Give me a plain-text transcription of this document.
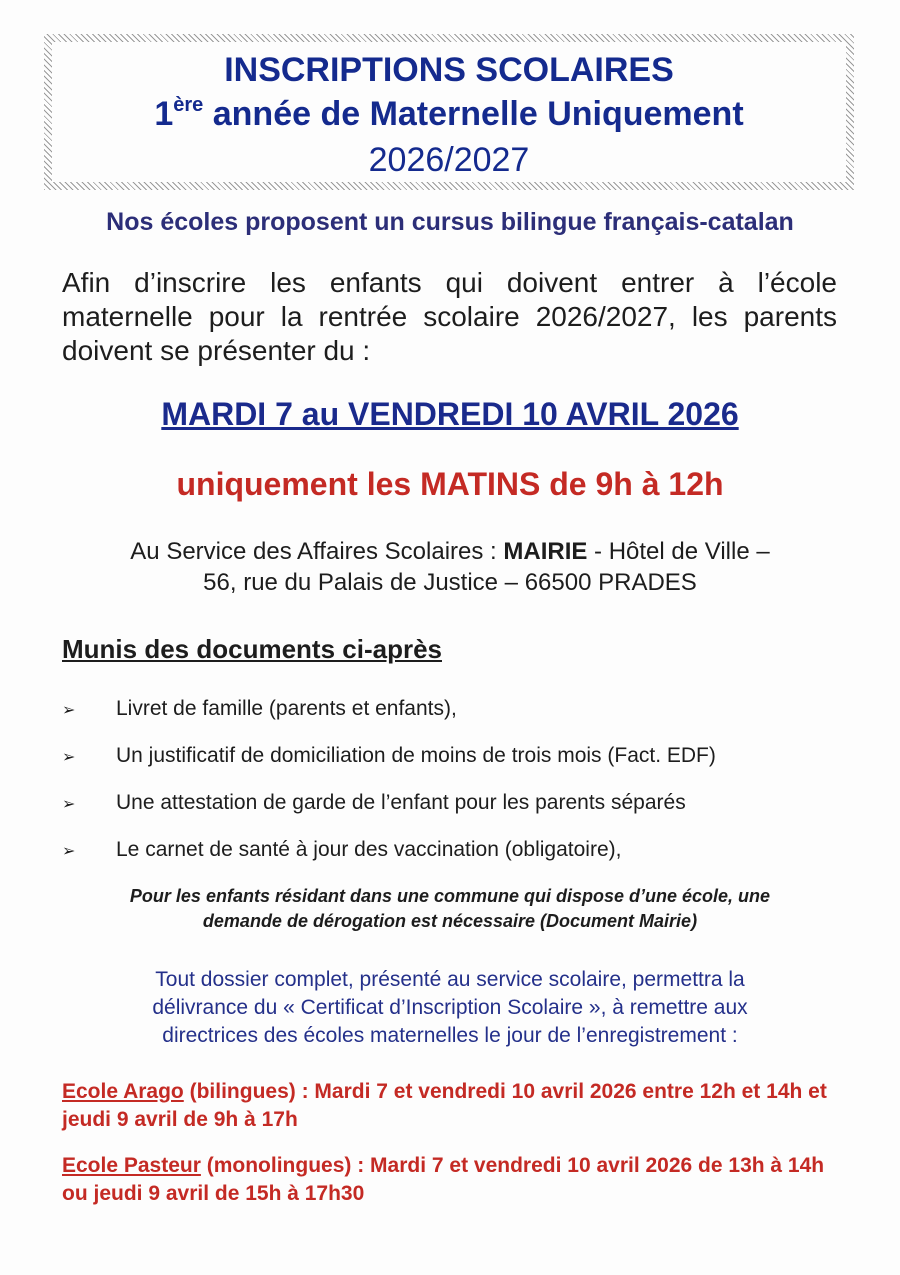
INSCRIPTIONS SCOLAIRES
1ère année de Maternelle Uniquement
2026/2027
Nos écoles proposent un cursus bilingue français-catalan
Afin d’inscrire les enfants qui doivent entrer à l’école maternelle pour la rentrée scolaire 2026/2027, les parents doivent se présenter du :
MARDI 7 au VENDREDI 10 AVRIL 2026
uniquement les MATINS de 9h à 12h
Au Service des Affaires Scolaires : MAIRIE - Hôtel de Ville –
56, rue du Palais de Justice – 66500 PRADES
Munis des documents ci-après
➢ Livret de famille (parents et enfants),
➢ Un justificatif de domiciliation de moins de trois mois (Fact. EDF)
➢ Une attestation de garde de l’enfant pour les parents séparés
➢ Le carnet de santé à jour des vaccination (obligatoire),
Pour les enfants résidant dans une commune qui dispose d’une école, une
demande de dérogation est nécessaire (Document Mairie)
Tout dossier complet, présenté au service scolaire, permettra la
délivrance du « Certificat d’Inscription Scolaire », à remettre aux
directrices des écoles maternelles le jour de l’enregistrement :
Ecole Arago (bilingues) : Mardi 7 et vendredi 10 avril 2026 entre 12h et 14h et jeudi 9 avril de 9h à 17h
Ecole Pasteur (monolingues) : Mardi 7 et vendredi 10 avril 2026 de 13h à 14h ou jeudi 9 avril de 15h à 17h30
